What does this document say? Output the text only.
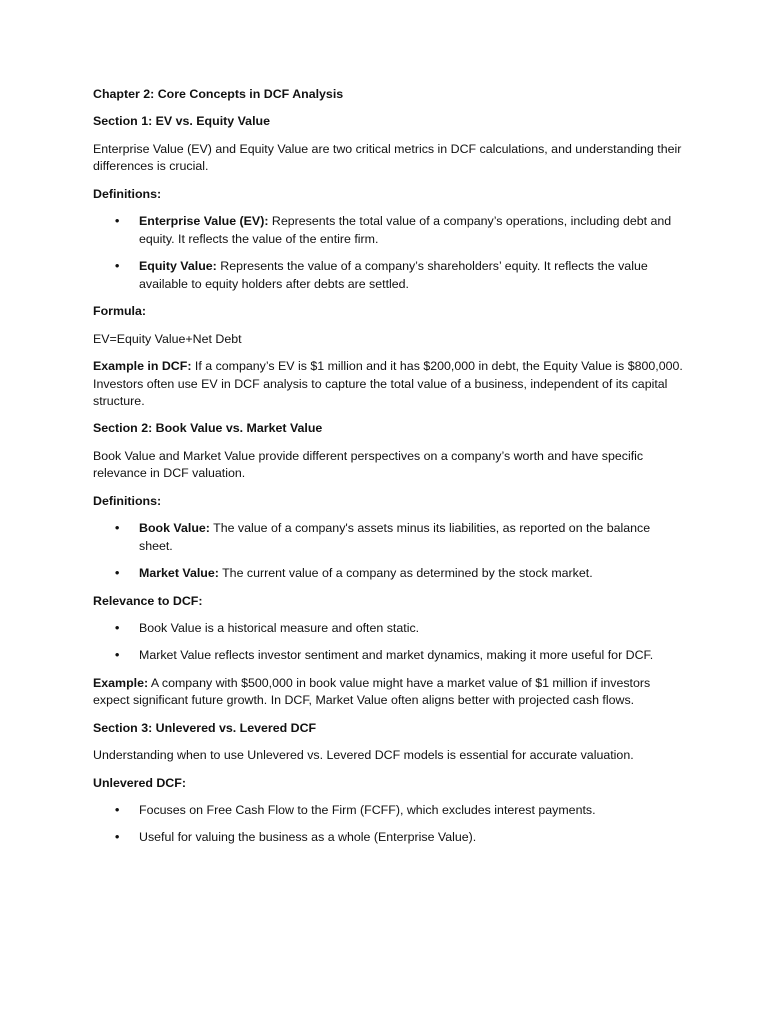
Chapter 2: Core Concepts in DCF Analysis

Section 1: EV vs. Equity Value

Enterprise Value (EV) and Equity Value are two critical metrics in DCF calculations, and understanding their differences is crucial.

Definitions:

• Enterprise Value (EV): Represents the total value of a company’s operations, including debt and equity. It reflects the value of the entire firm.
• Equity Value: Represents the value of a company’s shareholders’ equity. It reflects the value available to equity holders after debts are settled.

Formula:

EV=Equity Value+Net Debt

Example in DCF: If a company’s EV is $1 million and it has $200,000 in debt, the Equity Value is $800,000. Investors often use EV in DCF analysis to capture the total value of a business, independent of its capital structure.

Section 2: Book Value vs. Market Value

Book Value and Market Value provide different perspectives on a company’s worth and have specific relevance in DCF valuation.

Definitions:

• Book Value: The value of a company's assets minus its liabilities, as reported on the balance sheet.
• Market Value: The current value of a company as determined by the stock market.

Relevance to DCF:

• Book Value is a historical measure and often static.
• Market Value reflects investor sentiment and market dynamics, making it more useful for DCF.

Example: A company with $500,000 in book value might have a market value of $1 million if investors expect significant future growth. In DCF, Market Value often aligns better with projected cash flows.

Section 3: Unlevered vs. Levered DCF

Understanding when to use Unlevered vs. Levered DCF models is essential for accurate valuation.

Unlevered DCF:

• Focuses on Free Cash Flow to the Firm (FCFF), which excludes interest payments.
• Useful for valuing the business as a whole (Enterprise Value).
